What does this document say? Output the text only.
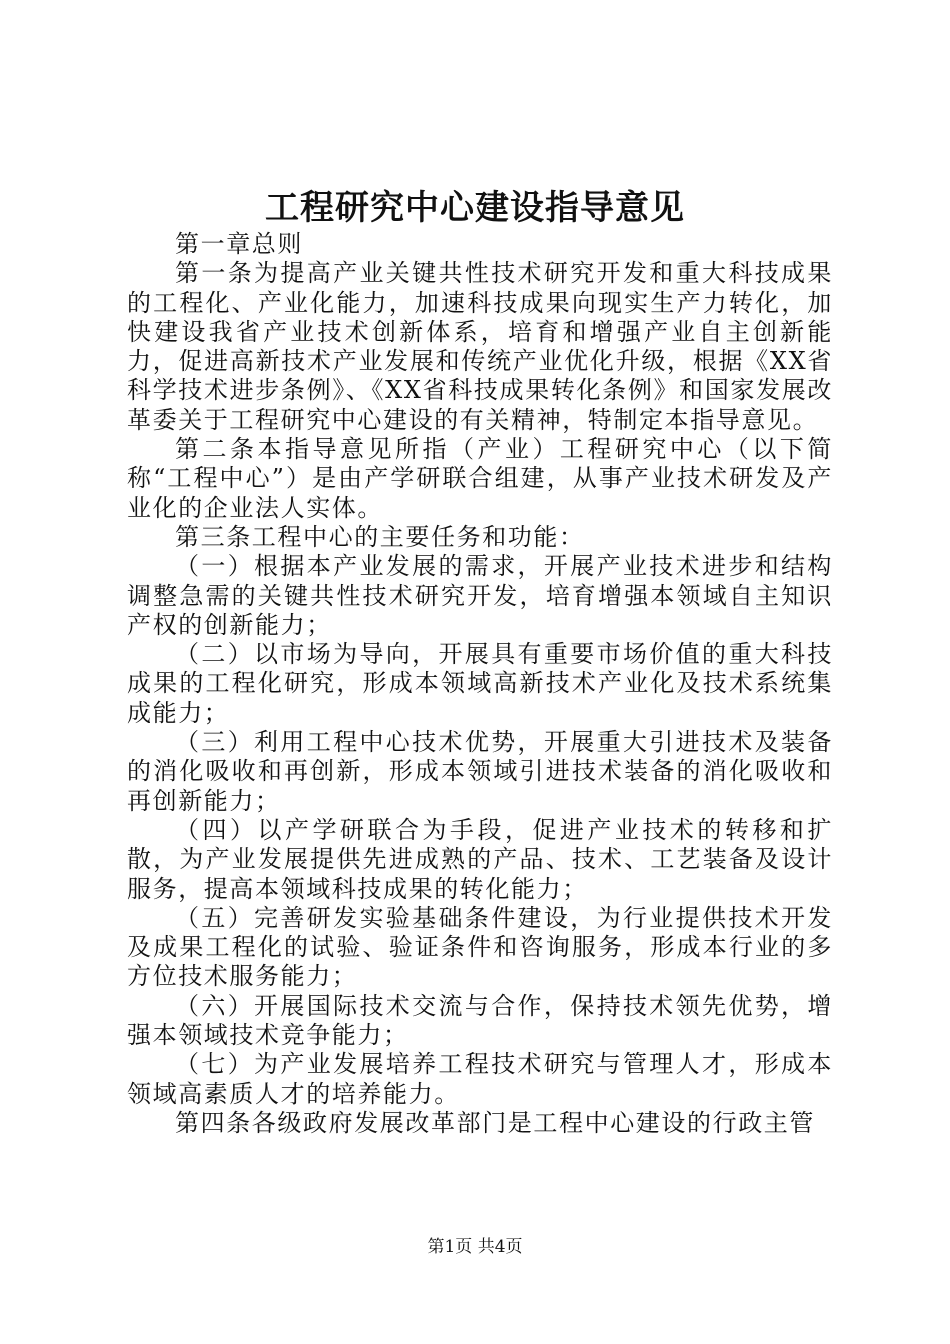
工程研究中心建设指导意见

第一章总则

第一条为提高产业关键共性技术研究开发和重大科技成果的工程化、产业化能力，加速科技成果向现实生产力转化，加快建设我省产业技术创新体系，培育和增强产业自主创新能力，促进高新技术产业发展和传统产业优化升级，根据《XX省科学技术进步条例》、《XX省科技成果转化条例》和国家发展改革委关于工程研究中心建设的有关精神，特制定本指导意见。

第二条本指导意见所指（产业）工程研究中心（以下简称“工程中心”）是由产学研联合组建，从事产业技术研发及产业化的企业法人实体。

第三条工程中心的主要任务和功能：

（一）根据本产业发展的需求，开展产业技术进步和结构调整急需的关键共性技术研究开发，培育增强本领域自主知识产权的创新能力；

（二）以市场为导向，开展具有重要市场价值的重大科技成果的工程化研究，形成本领域高新技术产业化及技术系统集成能力；

（三）利用工程中心技术优势，开展重大引进技术及装备的消化吸收和再创新，形成本领域引进技术装备的消化吸收和再创新能力；

（四）以产学研联合为手段，促进产业技术的转移和扩散，为产业发展提供先进成熟的产品、技术、工艺装备及设计服务，提高本领域科技成果的转化能力；

（五）完善研发实验基础条件建设，为行业提供技术开发及成果工程化的试验、验证条件和咨询服务，形成本行业的多方位技术服务能力；

（六）开展国际技术交流与合作，保持技术领先优势，增强本领域技术竞争能力；

（七）为产业发展培养工程技术研究与管理人才，形成本领域高素质人才的培养能力。

第四条各级政府发展改革部门是工程中心建设的行政主管

第1页 共4页
